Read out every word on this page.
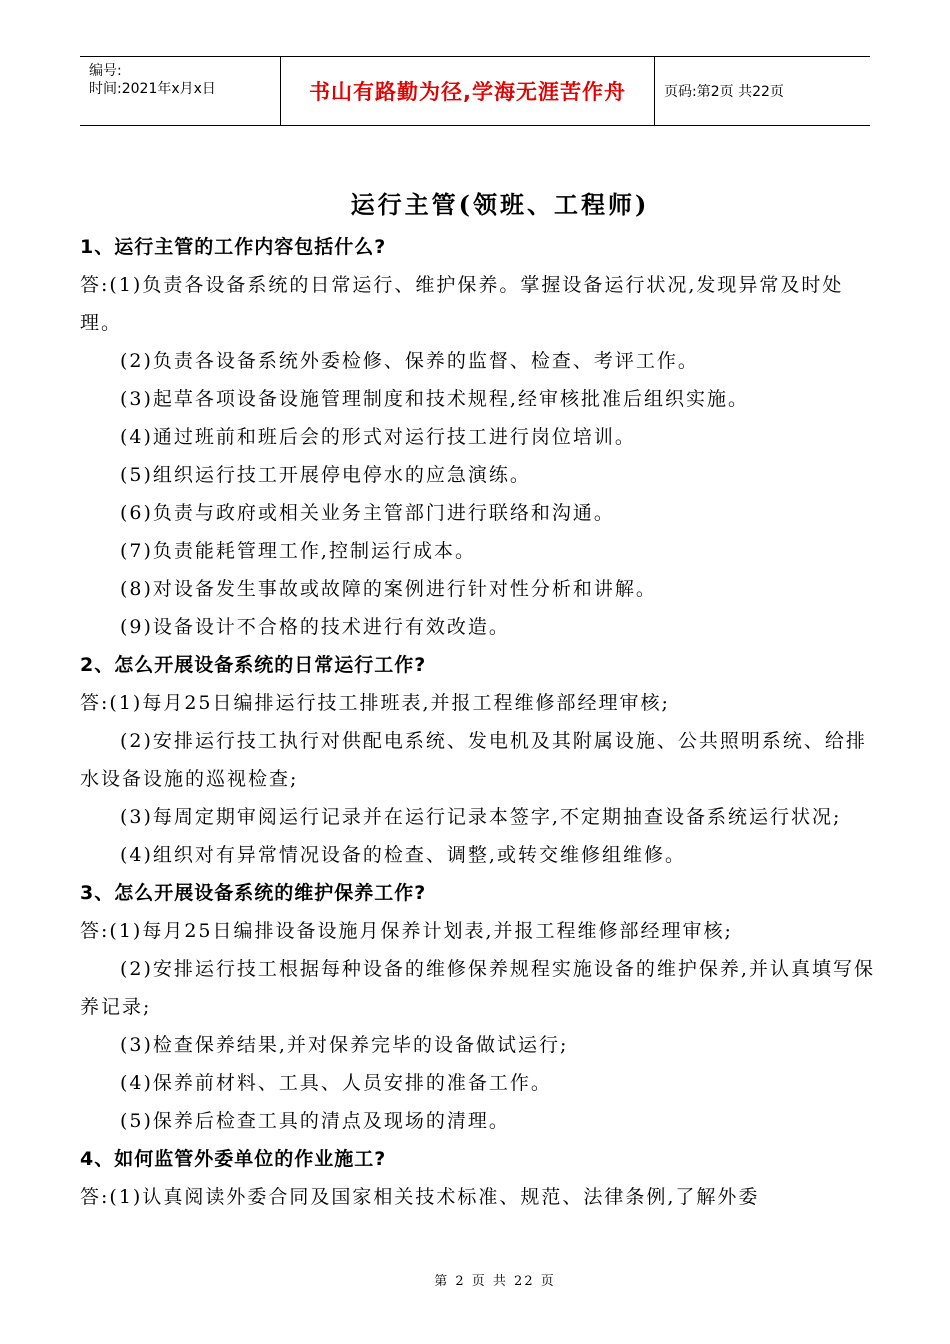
编号:
时间:2021年x月x日	书山有路勤为径,学海无涯苦作舟	页码:第2页 共22页
运行主管(领班、工程师)
1、运行主管的工作内容包括什么?
答:(1)负责各设备系统的日常运行、维护保养。掌握设备运行状况,发现异常及时处理。
(2)负责各设备系统外委检修、保养的监督、检查、考评工作。
(3)起草各项设备设施管理制度和技术规程,经审核批准后组织实施。
(4)通过班前和班后会的形式对运行技工进行岗位培训。
(5)组织运行技工开展停电停水的应急演练。
(6)负责与政府或相关业务主管部门进行联络和沟通。
(7)负责能耗管理工作,控制运行成本。
(8)对设备发生事故或故障的案例进行针对性分析和讲解。
(9)设备设计不合格的技术进行有效改造。
2、怎么开展设备系统的日常运行工作?
答:(1)每月25日编排运行技工排班表,并报工程维修部经理审核;
(2)安排运行技工执行对供配电系统、发电机及其附属设施、公共照明系统、给排水设备设施的巡视检查;
(3)每周定期审阅运行记录并在运行记录本签字,不定期抽查设备系统运行状况;
(4)组织对有异常情况设备的检查、调整,或转交维修组维修。
3、怎么开展设备系统的维护保养工作?
答:(1)每月25日编排设备设施月保养计划表,并报工程维修部经理审核;
(2)安排运行技工根据每种设备的维修保养规程实施设备的维护保养,并认真填写保养记录;
(3)检查保养结果,并对保养完毕的设备做试运行;
(4)保养前材料、工具、人员安排的准备工作。
(5)保养后检查工具的清点及现场的清理。
4、如何监管外委单位的作业施工?
答:(1)认真阅读外委合同及国家相关技术标准、规范、法律条例,了解外委
第 2 页 共 22 页
